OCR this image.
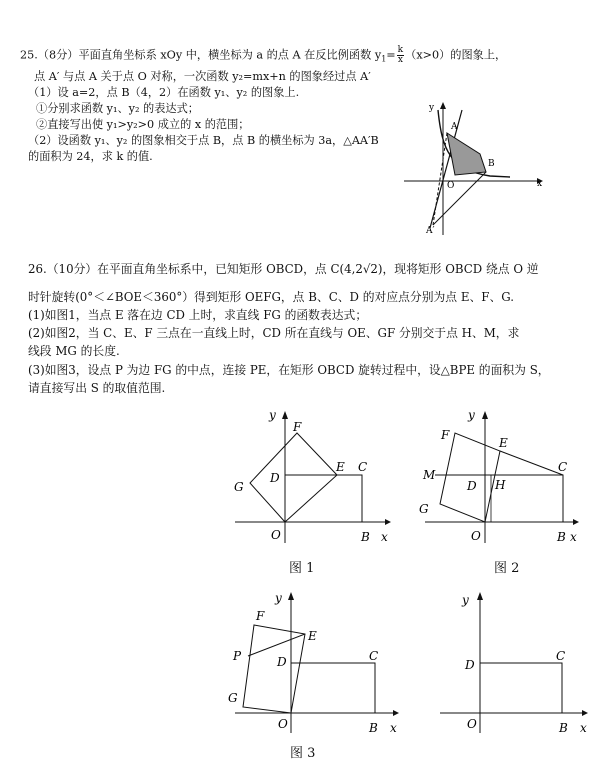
25.（8分）平面直角坐标系 xOy 中，横坐标为 a 的点 A 在反比例函数 $y_1= \frac{k}{x} (x>0)$的图象上，
点 A′ 与点 A 关于点 O 对称，一次函数 y₂=mx+n 的图象经过点 A′
（1）设 a=2，点 B（4，2）在函数 y₁、y₂ 的图象上.
①分别求函数 y₁、y₂ 的表达式；
②直接写出使 y₁>y₂>0 成立的 x 的范围；
（2）设函数 y₁、y₂ 的图象相交于点 B，点 B 的横坐标为 3a，△AA′B
的面积为 24，求 k 的值.
y
x
A
O
B
A′
26.（10分）在平面直角坐标系中，已知矩形 OBCD，点 C(4,2√2)，现将矩形 OBCD 绕点 O 逆
时针旋转(0°＜∠BOE＜360°）得到矩形 OEFG，点 B、C、D 的对应点分别为点 E、F、G.
(1)如图1，当点 E 落在边 CD 上时，求直线 FG 的函数表达式；
(2)如图2，当 C、E、F 三点在一直线上时，CD 所在直线与 OE、GF 分别交于点 H、M，求
线段 MG 的长度.
(3)如图3，设点 P 为边 FG 的中点，连接 PE，在矩形 OBCD 旋转过程中，设△BPE 的面积为 S，
请直接写出 S 的取值范围.
y
x
F
G
D
E C
O	B
图 1
y
x
F
E
M
D H
C
G
O	B
图 2
y
x
F
E
P	D	C
G
O	B
图 3
y
x
D
C
O	B
